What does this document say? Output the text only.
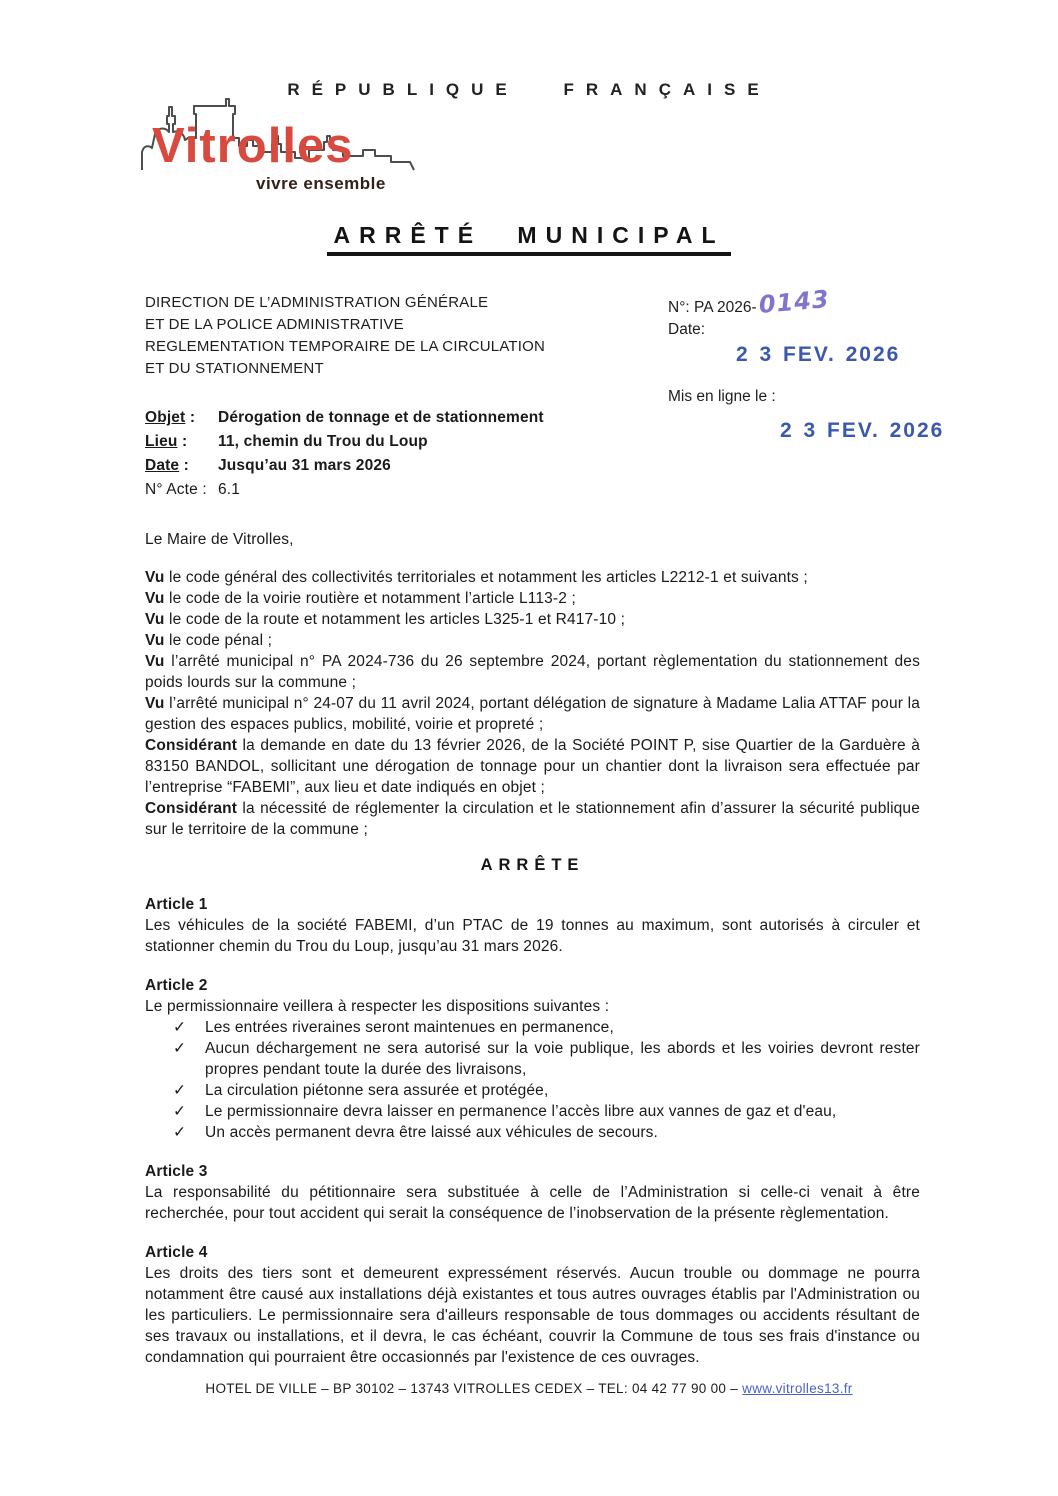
RÉPUBLIQUE FRANÇAISE
Vitrolles
vivre ensemble
ARRÊTÉ MUNICIPAL
DIRECTION DE L’ADMINISTRATION GÉNÉRALE
ET DE LA POLICE ADMINISTRATIVE
REGLEMENTATION TEMPORAIRE DE LA CIRCULATION
ET DU STATIONNEMENT
N°: PA 2026-0143
Date:
2 3 FEV. 2026
Mis en ligne le :
2 3 FEV. 2026
Objet :	Dérogation de tonnage et de stationnement
Lieu :	11, chemin du Trou du Loup
Date :	Jusqu’au 31 mars 2026
N° Acte : 6.1
Le Maire de Vitrolles,

Vu le code général des collectivités territoriales et notamment les articles L2212-1 et suivants ;

Vu le code de la voirie routière et notamment l’article L113-2 ;

Vu le code de la route et notamment les articles L325-1 et R417-10 ;

Vu le code pénal ;

Vu l’arrêté municipal n° PA 2024-736 du 26 septembre 2024, portant règlementation du stationnement des poids lourds sur la commune ;

Vu l’arrêté municipal n° 24-07 du 11 avril 2024, portant délégation de signature à Madame Lalia ATTAF pour la gestion des espaces publics, mobilité, voirie et propreté ;

Considérant la demande en date du 13 février 2026, de la Société POINT P, sise Quartier de la Garduère à 83150 BANDOL, sollicitant une dérogation de tonnage pour un chantier dont la livraison sera effectuée par l’entreprise “FABEMI”, aux lieu et date indiqués en objet ;

Considérant la nécessité de réglementer la circulation et le stationnement afin d’assurer la sécurité publique sur le territoire de la commune ;

ARRÊTE
Article 1

Les véhicules de la société FABEMI, d’un PTAC de 19 tonnes au maximum, sont autorisés à circuler et stationner chemin du Trou du Loup, jusqu’au 31 mars 2026.

Article 2

Le permissionnaire veillera à respecter les dispositions suivantes :

✓	Les entrées riveraines seront maintenues en permanence,
✓	Aucun déchargement ne sera autorisé sur la voie publique, les abords et les voiries devront rester propres pendant toute la durée des livraisons,
✓	La circulation piétonne sera assurée et protégée,
✓	Le permissionnaire devra laisser en permanence l’accès libre aux vannes de gaz et d'eau,
✓	Un accès permanent devra être laissé aux véhicules de secours.
Article 3

La responsabilité du pétitionnaire sera substituée à celle de l’Administration si celle-ci venait à être recherchée, pour tout accident qui serait la conséquence de l’inobservation de la présente règlementation.

Article 4

Les droits des tiers sont et demeurent expressément réservés. Aucun trouble ou dommage ne pourra notamment être causé aux installations déjà existantes et tous autres ouvrages établis par l'Administration ou les particuliers. Le permissionnaire sera d'ailleurs responsable de tous dommages ou accidents résultant de ses travaux ou installations, et il devra, le cas échéant, couvrir la Commune de tous ses frais d'instance ou condamnation qui pourraient être occasionnés par l'existence de ces ouvrages.

HOTEL DE VILLE – BP 30102 – 13743 VITROLLES CEDEX – TEL: 04 42 77 90 00 – www.vitrolles13.fr
